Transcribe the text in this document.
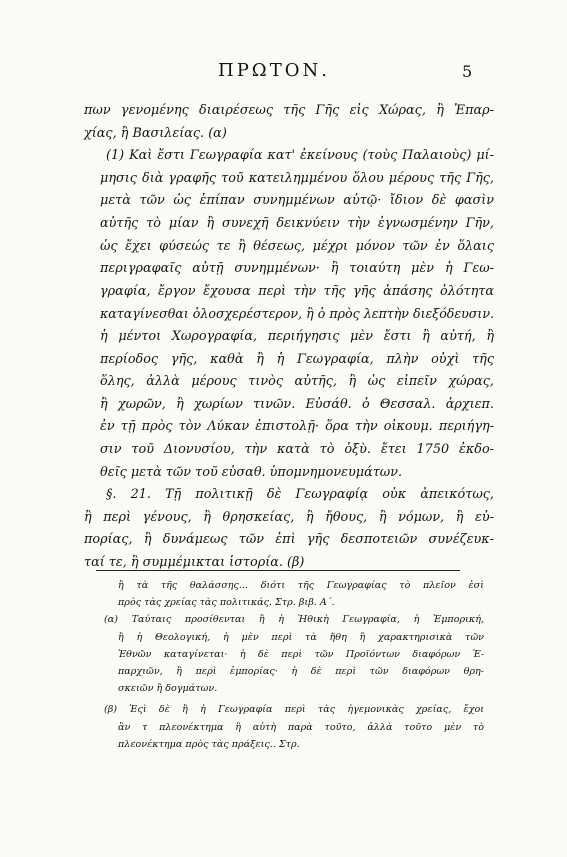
ΠΡΩΤΟΝ.	5
πων γενομένης διαιρέσεως τῆς Γῆς εἰς Χώρας, ἢ Ἐπαρ-
χίας, ἢ Βασιλείας. (α)
(1) Καὶ ἔστι Γεωγραφία κατ' ἐκείνους (τοὺς Παλαιοὺς) μί-
μησις διὰ γραφῆς τοῦ κατειλημμένου ὅλου μέρους τῆς Γῆς,
μετὰ τῶν ὡς ἐπίπαν συνημμένων αὐτῷ· ἴδιον δὲ φασὶν
αὐτῆς τὸ μίαν ἢ συνεχῆ δεικνύειν τὴν ἐγνωσμένην Γῆν,
ὡς ἔχει φύσεώς τε ἢ θέσεως, μέχρι μόνον τῶν ἐν ὅλαις
περιγραφαῖς αὐτῇ συνημμένων· ἢ τοιαύτη μὲν ἡ Γεω-
γραφία, ἔργον ἔχουσα περὶ τὴν τῆς γῆς ἁπάσης ὁλότητα
καταγίνεσθαι ὁλοσχερέστερον, ἢ ὁ πρὸς λεπτὴν διεξόδευσιν.
ἡ μέντοι Χωρογραφία, περιήγησις μὲν ἔστι ἢ αὐτή, ἢ
περίοδος γῆς, καθὰ ἢ ἡ Γεωγραφία, πλὴν οὐχὶ τῆς
ὅλης, ἀλλὰ μέρους τινὸς αὐτῆς, ἢ ὡς εἰπεῖν χώρας,
ἢ χωρῶν, ἢ χωρίων τινῶν. Εὐσάθ. ὁ Θεσσαλ. ἀρχιεπ.
ἐν τῇ πρὸς τὸν Λύκαν ἐπιστολῇ· ὅρα τὴν οἰκουμ. περιήγη-
σιν τοῦ Διονυσίου, τὴν κατὰ τὸ ὀξὺ. ἔτει 1750 ἐκδο-
θεῖς μετὰ τῶν τοῦ εὐσαθ. ὑπομνημονευμάτων.
§. 21. Τῇ πολιτικῇ δὲ Γεωγραφίᾳ οὐκ ἀπεικότως,
ἢ περὶ γένους, ἢ θρησκείας, ἢ ἤθους, ἢ νόμων, ἢ εὐ-
πορίας, ἢ δυνάμεως τῶν ἐπὶ γῆς δεσποτειῶν συνέζευκ-
ταί τε, ἢ συμμέμικται ἱστορία. (β)
ἢ τὰ τῆς θαλάσσης... διότι τῆς Γεωγραφίας τὸ πλεῖον ἐσὶ
πρὸς τὰς χρείας τὰς πολιτικάς. Στρ. βιβ. Α΄.
(α) Ταύταις προσίθενται ἢ ἡ Ἠθικὴ Γεωγραφία, ἡ Ἐμπορική,
ἢ ἡ Θεολογική, ἡ μὲν περὶ τὰ ἤθη ἢ χαρακτηρισικὰ τῶν
Ἐθνῶν καταγίνεται· ἡ δὲ περὶ τῶν Προϊόντων διαφόρων Ἐ-
παρχιῶν, ἢ περὶ ἐμπορίας· ἡ δὲ περὶ τῶν διαφόρων θρη-
σκειῶν ἢ δογμάτων.
(β) Ἐςὶ δὲ ἢ ἡ Γεωγραφία περὶ τὰς ἡγεμονικὰς χρείας, ἔχοι
ἂν τ πλεονέκτημα ἢ αὐτὴ παρὰ τοῦτο, ἀλλὰ τοῦτο μὲν τὸ
πλεονέκτημα πρὸς τὰς πράξεις.. Στρ.
